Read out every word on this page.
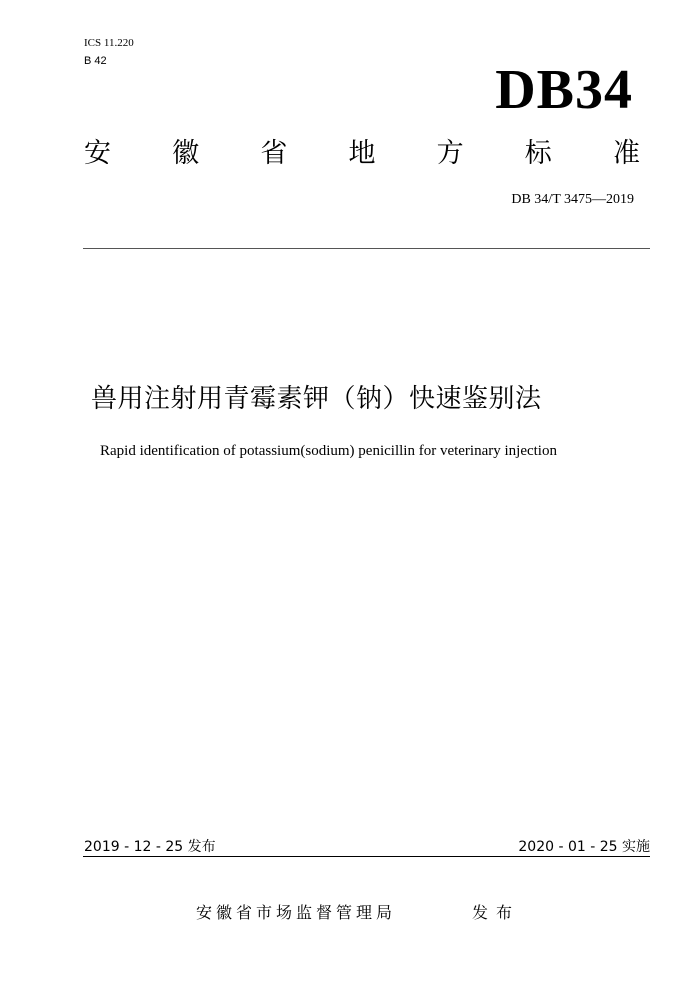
ICS 11.220
B 42	DB34
安 徽 省 地 方 标 准
DB 34/T 3475—2019
兽用注射用青霉素钾（钠）快速鉴别法
Rapid identification of potassium(sodium) penicillin for veterinary injection
2019 - 12 - 25 发布	2020 - 01 - 25 实施
安徽省市场监督管理局	发布
